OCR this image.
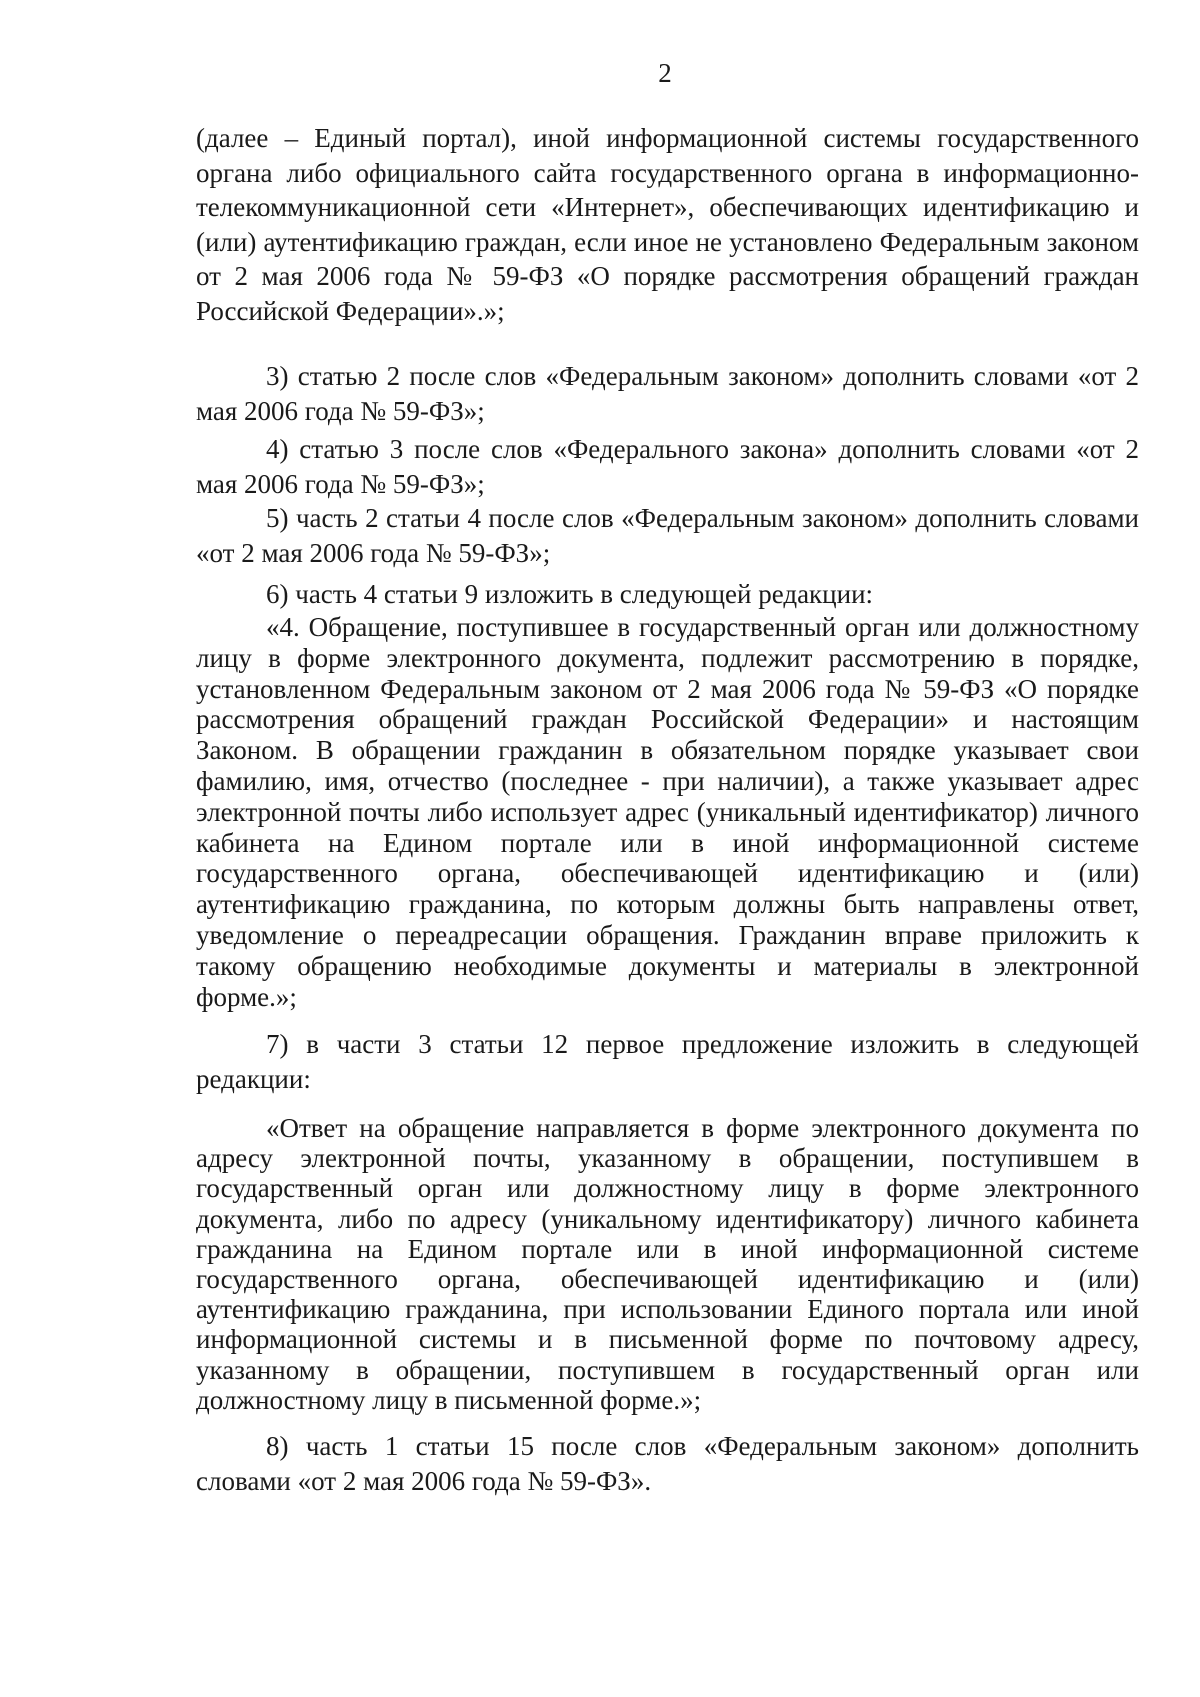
2

(далее – Единый портал), иной информационной системы государственного органа либо официального сайта государственного органа в информационно-телекоммуникационной сети «Интернет», обеспечивающих идентификацию и (или) аутентификацию граждан, если иное не установлено Федеральным законом от 2 мая 2006 года № 59-ФЗ «О порядке рассмотрения обращений граждан Российской Федерации».»;

3) статью 2 после слов «Федеральным законом» дополнить словами «от 2 мая 2006 года № 59-ФЗ»;

4) статью 3 после слов «Федерального закона» дополнить словами «от 2 мая 2006 года № 59-ФЗ»;

5) часть 2 статьи 4 после слов «Федеральным законом» дополнить словами «от 2 мая 2006 года № 59-ФЗ»;

6) часть 4 статьи 9 изложить в следующей редакции:

«4. Обращение, поступившее в государственный орган или должностному лицу в форме электронного документа, подлежит рассмотрению в порядке, установленном Федеральным законом от 2 мая 2006 года № 59-ФЗ «О порядке рассмотрения обращений граждан Российской Федерации» и настоящим Законом. В обращении гражданин в обязательном порядке указывает свои фамилию, имя, отчество (последнее - при наличии), а также указывает адрес электронной почты либо использует адрес (уникальный идентификатор) личного кабинета на Едином портале или в иной информационной системе государственного органа, обеспечивающей идентификацию и (или) аутентификацию гражданина, по которым должны быть направлены ответ, уведомление о переадресации обращения. Гражданин вправе приложить к такому обращению необходимые документы и материалы в электронной форме.»;

7) в части 3 статьи 12 первое предложение изложить в следующей редакции:

«Ответ на обращение направляется в форме электронного документа по адресу электронной почты, указанному в обращении, поступившем в государственный орган или должностному лицу в форме электронного документа, либо по адресу (уникальному идентификатору) личного кабинета гражданина на Едином портале или в иной информационной системе государственного органа, обеспечивающей идентификацию и (или) аутентификацию гражданина, при использовании Единого портала или иной информационной системы и в письменной форме по почтовому адресу, указанному в обращении, поступившем в государственный орган или должностному лицу в письменной форме.»;

8) часть 1 статьи 15 после слов «Федеральным законом» дополнить словами «от 2 мая 2006 года № 59-ФЗ».
